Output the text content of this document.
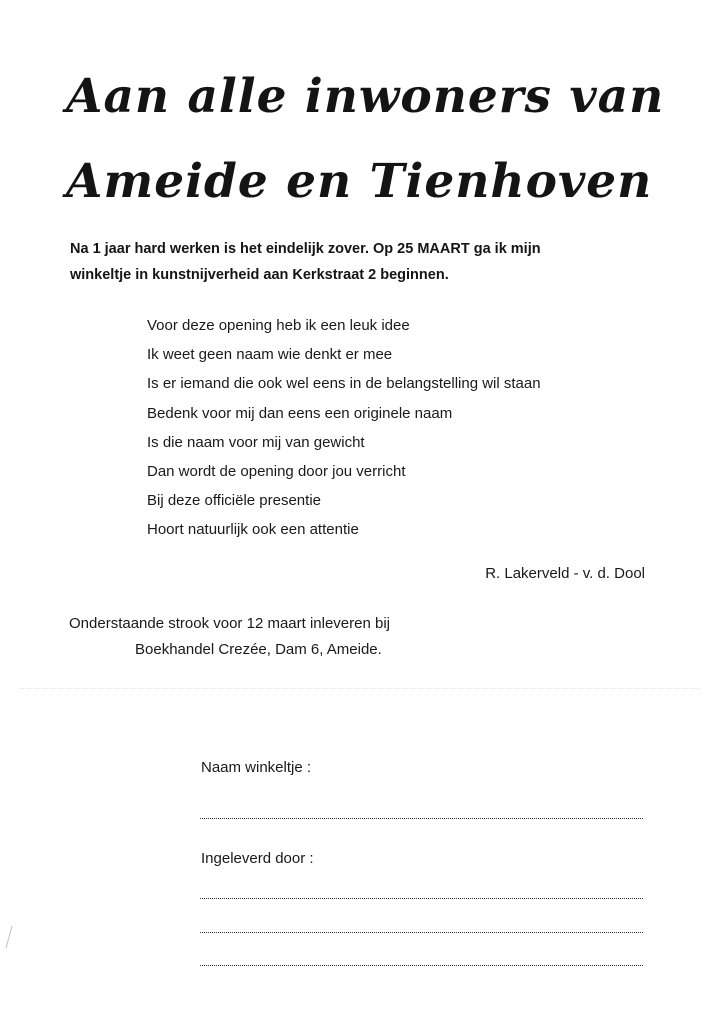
Aan alle inwoners van
Ameide en Tienhoven
Na 1 jaar hard werken is het eindelijk zover. Op 25 MAART ga ik mijn
winkeltje in kunstnijverheid aan Kerkstraat 2 beginnen.
Voor deze opening heb ik een leuk idee
Ik weet geen naam wie denkt er mee
Is er iemand die ook wel eens in de belangstelling wil staan
Bedenk voor mij dan eens een originele naam
Is die naam voor mij van gewicht
Dan wordt de opening door jou verricht
Bij deze officiële presentie
Hoort natuurlijk ook een attentie
R. Lakerveld - v. d. Dool
Onderstaande strook voor 12 maart inleveren bij
Boekhandel Crezée, Dam 6, Ameide.
Naam winkeltje :
Ingeleverd door :
